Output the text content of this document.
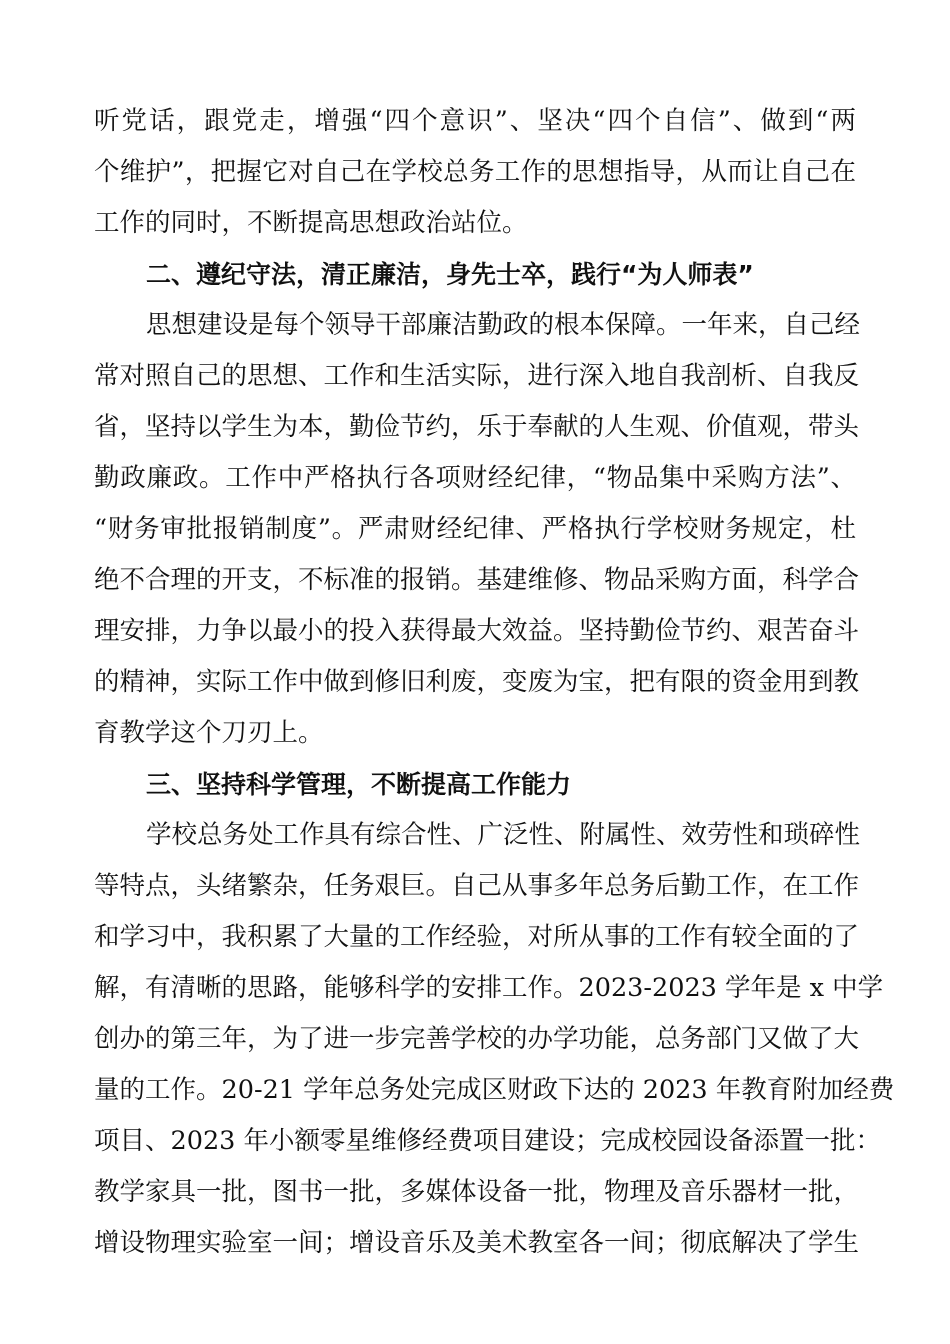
听党话，跟党走，增强“四个意识”、坚决“四个自信”、做到“两
个维护”，把握它对自己在学校总务工作的思想指导，从而让自己在
工作的同时，不断提高思想政治站位。
二、遵纪守法，清正廉洁，身先士卒，践行“为人师表”
思想建设是每个领导干部廉洁勤政的根本保障。一年来，自己经
常对照自己的思想、工作和生活实际，进行深入地自我剖析、自我反
省，坚持以学生为本，勤俭节约，乐于奉献的人生观、价值观，带头
勤政廉政。工作中严格执行各项财经纪律，“物品集中采购方法”、
“财务审批报销制度”。严肃财经纪律、严格执行学校财务规定，杜
绝不合理的开支，不标准的报销。基建维修、物品采购方面，科学合
理安排，力争以最小的投入获得最大效益。坚持勤俭节约、艰苦奋斗
的精神，实际工作中做到修旧利废，变废为宝，把有限的资金用到教
育教学这个刀刃上。
三、坚持科学管理，不断提高工作能力
学校总务处工作具有综合性、广泛性、附属性、效劳性和琐碎性
等特点，头绪繁杂，任务艰巨。自己从事多年总务后勤工作，在工作
和学习中，我积累了大量的工作经验，对所从事的工作有较全面的了
解，有清晰的思路，能够科学的安排工作。2023-2023 学年是 x 中学
创办的第三年，为了进一步完善学校的办学功能，总务部门又做了大
量的工作。20-21 学年总务处完成区财政下达的 2023 年教育附加经费
项目、2023 年小额零星维修经费项目建设；完成校园设备添置一批：
教学家具一批，图书一批，多媒体设备一批，物理及音乐器材一批，
增设物理实验室一间；增设音乐及美术教室各一间；彻底解决了学生
